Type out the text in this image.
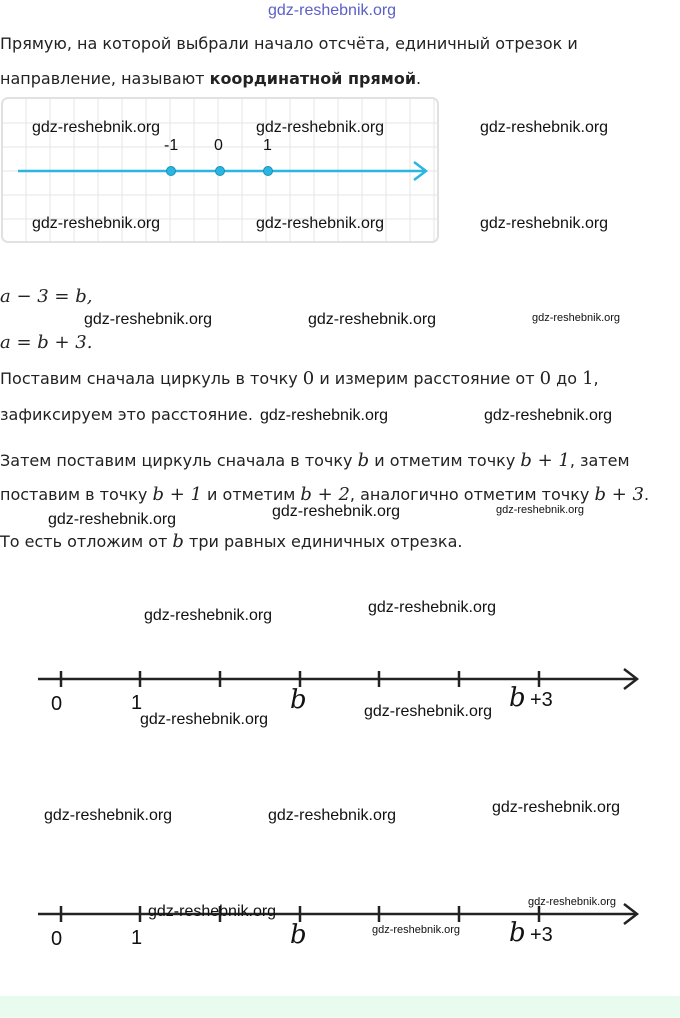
gdz-reshebnik.org
Прямую, на которой выбрали начало отсчёта, единичный отрезок и
направление, называют координатной прямой.
-1 0	1
gdz-reshebnik.org	gdz-reshebnik.org	gdz-reshebnik.org
gdz-reshebnik.org	gdz-reshebnik.org	gdz-reshebnik.org
a − 3 = b,
gdz-reshebnik.org	gdz-reshebnik.org	gdz-reshebnik.org
a = b + 3.
Поставим сначала циркуль в точку 0 и измерим расстояние от 0 до 1,
зафиксируем это расстояние. gdz-reshebnik.org	gdz-reshebnik.org
Затем поставим циркуль сначала в точку b и отметим точку b + 1, затем
поставим в точку b + 1 и отметим b + 2, аналогично отметим точку b + 3.
gdz-reshebnik.org	gdz-reshebnik.org	gdz-reshebnik.org
То есть отложим от b три равных единичных отрезка.
gdz-reshebnik.org	gdz-reshebnik.org
0	1	b	b +3
gdz-reshebnik.org	gdz-reshebnik.org
gdz-reshebnik.org	gdz-reshebnik.org	gdz-reshebnik.org
0	1	b	b +3
gdz-reshebnik.org
gdz-reshebnik.org
gdz-reshebnik.org
